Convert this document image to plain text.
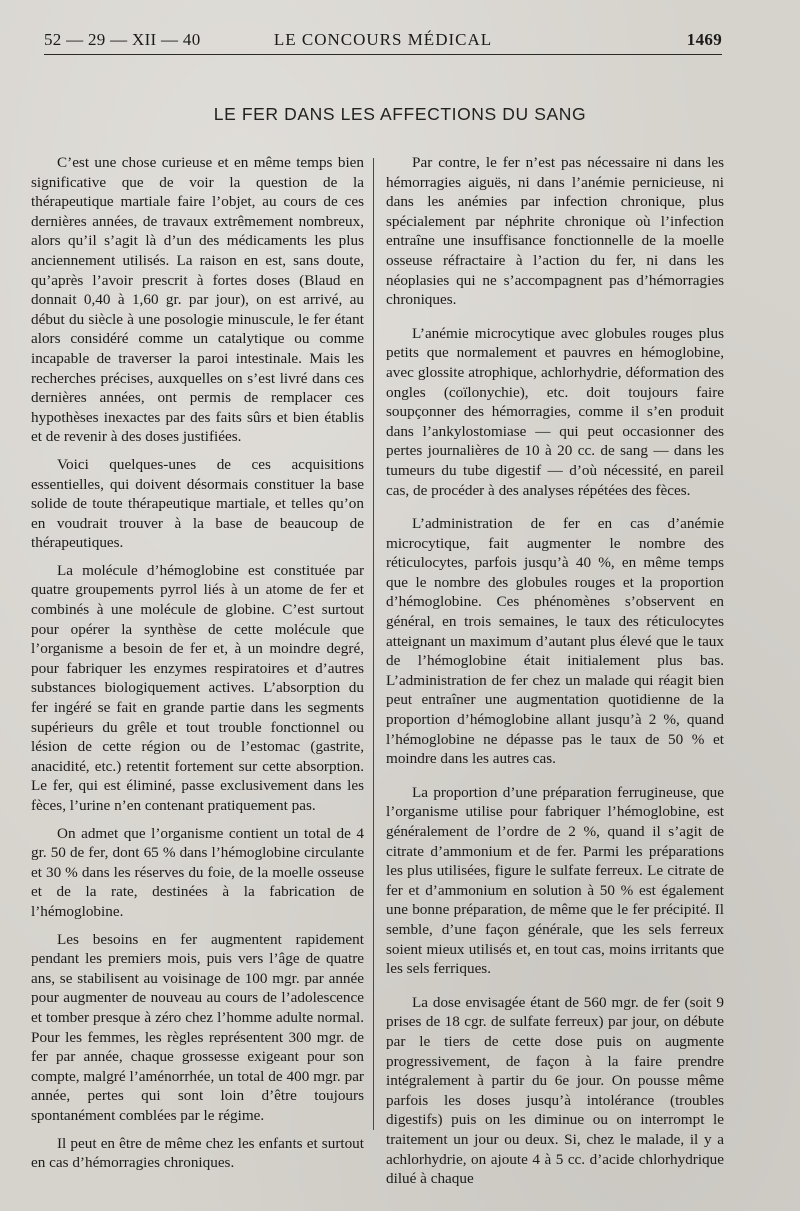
52 — 29 — XII — 40	LE CONCOURS MÉDICAL	1469
LE FER DANS LES AFFECTIONS DU SANG

C’est une chose curieuse et en même temps bien significative que de voir la question de la thérapeutique martiale faire l’objet, au cours de ces dernières années, de travaux extrêmement nombreux, alors qu’il s’agit là d’un des médicaments les plus anciennement utilisés. La raison en est, sans doute, qu’après l’avoir prescrit à fortes doses (Blaud en donnait 0,40 à 1,60 gr. par jour), on est arrivé, au début du siècle à une posologie minuscule, le fer étant alors considéré comme un catalytique ou comme incapable de traverser la paroi intestinale. Mais les recherches précises, auxquelles on s’est livré dans ces dernières années, ont permis de remplacer ces hypothèses inexactes par des faits sûrs et bien établis et de revenir à des doses justifiées.

Voici quelques-unes de ces acquisitions essentielles, qui doivent désormais constituer la base solide de toute thérapeutique martiale, et telles qu’on en voudrait trouver à la base de beaucoup de thérapeutiques.

La molécule d’hémoglobine est constituée par quatre groupements pyrrol liés à un atome de fer et combinés à une molécule de globine. C’est surtout pour opérer la synthèse de cette molécule que l’organisme a besoin de fer et, à un moindre degré, pour fabriquer les enzymes respiratoires et d’autres substances biologiquement actives. L’absorption du fer ingéré se fait en grande partie dans les segments supérieurs du grêle et tout trouble fonctionnel ou lésion de cette région ou de l’estomac (gastrite, anacidité, etc.) retentit fortement sur cette absorption. Le fer, qui est éliminé, passe exclusivement dans les fèces, l’urine n’en contenant pratiquement pas.

On admet que l’organisme contient un total de 4 gr. 50 de fer, dont 65 % dans l’hémoglobine circulante et 30 % dans les réserves du foie, de la moelle osseuse et de la rate, destinées à la fabrication de l’hémoglobine.

Les besoins en fer augmentent rapidement pendant les premiers mois, puis vers l’âge de quatre ans, se stabilisent au voisinage de 100 mgr. par année pour augmenter de nouveau au cours de l’adolescence et tomber presque à zéro chez l’homme adulte normal. Pour les femmes, les règles représentent 300 mgr. de fer par année, chaque grossesse exigeant pour son compte, malgré l’aménorrhée, un total de 400 mgr. par année, pertes qui sont loin d’être toujours spontanément comblées par le régime.

Il peut en être de même chez les enfants et surtout en cas d’hémorragies chroniques.

Par contre, le fer n’est pas nécessaire ni dans les hémorragies aiguës, ni dans l’anémie pernicieuse, ni dans les anémies par infection chronique, plus spécialement par néphrite chronique où l’infection entraîne une insuffisance fonctionnelle de la moelle osseuse réfractaire à l’action du fer, ni dans les néoplasies qui ne s’accompagnent pas d’hémorragies chroniques.

L’anémie microcytique avec globules rouges plus petits que normalement et pauvres en hémoglobine, avec glossite atrophique, achlorhydrie, déformation des ongles (coïlonychie), etc. doit toujours faire soupçonner des hémorragies, comme il s’en produit dans l’ankylostomiase — qui peut occasionner des pertes journalières de 10 à 20 cc. de sang — dans les tumeurs du tube digestif — d’où nécessité, en pareil cas, de procéder à des analyses répétées des fèces.

L’administration de fer en cas d’anémie microcytique, fait augmenter le nombre des réticulocytes, parfois jusqu’à 40 %, en même temps que le nombre des globules rouges et la proportion d’hémoglobine. Ces phénomènes s’observent en général, en trois semaines, le taux des réticulocytes atteignant un maximum d’autant plus élevé que le taux de l’hémoglobine était initialement plus bas. L’administration de fer chez un malade qui réagit bien peut entraîner une augmentation quotidienne de la proportion d’hémoglobine allant jusqu’à 2 %, quand l’hémoglobine ne dépasse pas le taux de 50 % et moindre dans les autres cas.

La proportion d’une préparation ferrugineuse, que l’organisme utilise pour fabriquer l’hémoglobine, est généralement de l’ordre de 2 %, quand il s’agit de citrate d’ammonium et de fer. Parmi les préparations les plus utilisées, figure le sulfate ferreux. Le citrate de fer et d’ammonium en solution à 50 % est également une bonne préparation, de même que le fer précipité. Il semble, d’une façon générale, que les sels ferreux soient mieux utilisés et, en tout cas, moins irritants que les sels ferriques.

La dose envisagée étant de 560 mgr. de fer (soit 9 prises de 18 cgr. de sulfate ferreux) par jour, on débute par le tiers de cette dose puis on augmente progressivement, de façon à la faire prendre intégralement à partir du 6e jour. On pousse même parfois les doses jusqu’à intolérance (troubles digestifs) puis on les diminue ou on interrompt le traitement un jour ou deux. Si, chez le malade, il y a achlorhydrie, on ajoute 4 à 5 cc. d’acide chlorhydrique dilué à chaque
